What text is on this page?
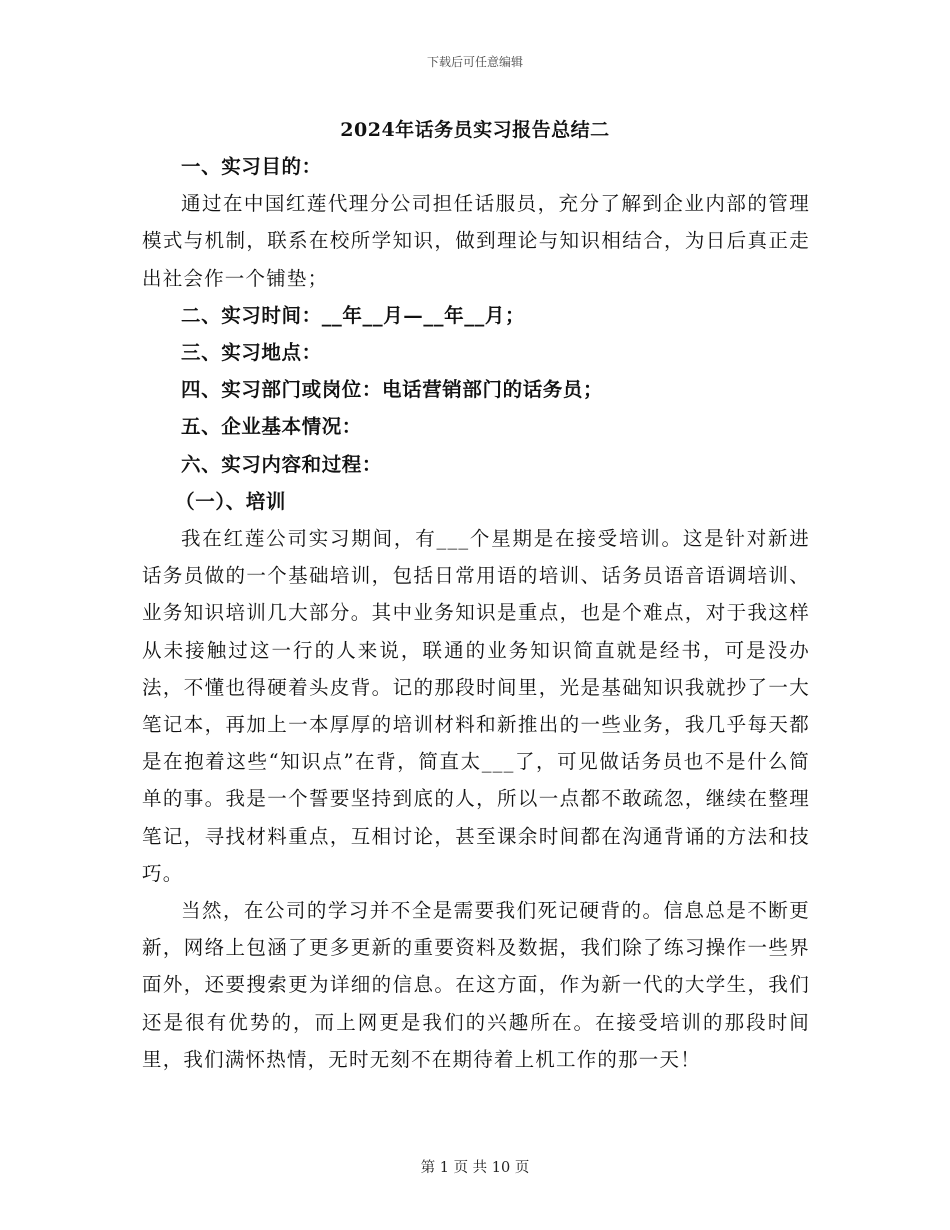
下载后可任意编辑
2024年话务员实习报告总结二

一、实习目的：

通过在中国红莲代理分公司担任话服员，充分了解到企业内部的管理模式与机制，联系在校所学知识，做到理论与知识相结合，为日后真正走出社会作一个铺垫；

二、实习时间：__年__月—__年__月；

三、实习地点：

四、实习部门或岗位：电话营销部门的话务员；

五、企业基本情况：

六、实习内容和过程：

（一）、培训

我在红莲公司实习期间，有___个星期是在接受培训。这是针对新进话务员做的一个基础培训，包括日常用语的培训、话务员语音语调培训、业务知识培训几大部分。其中业务知识是重点，也是个难点，对于我这样从未接触过这一行的人来说，联通的业务知识简直就是经书，可是没办法，不懂也得硬着头皮背。记的那段时间里，光是基础知识我就抄了一大笔记本，再加上一本厚厚的培训材料和新推出的一些业务，我几乎每天都是在抱着这些“知识点”在背，简直太___了，可见做话务员也不是什么简单的事。我是一个誓要坚持到底的人，所以一点都不敢疏忽，继续在整理笔记，寻找材料重点，互相讨论，甚至课余时间都在沟通背诵的方法和技巧。

当然，在公司的学习并不全是需要我们死记硬背的。信息总是不断更新，网络上包涵了更多更新的重要资料及数据，我们除了练习操作一些界面外，还要搜索更为详细的信息。在这方面，作为新一代的大学生，我们还是很有优势的，而上网更是我们的兴趣所在。在接受培训的那段时间里，我们满怀热情，无时无刻不在期待着上机工作的那一天！

第 1 页 共 10 页
